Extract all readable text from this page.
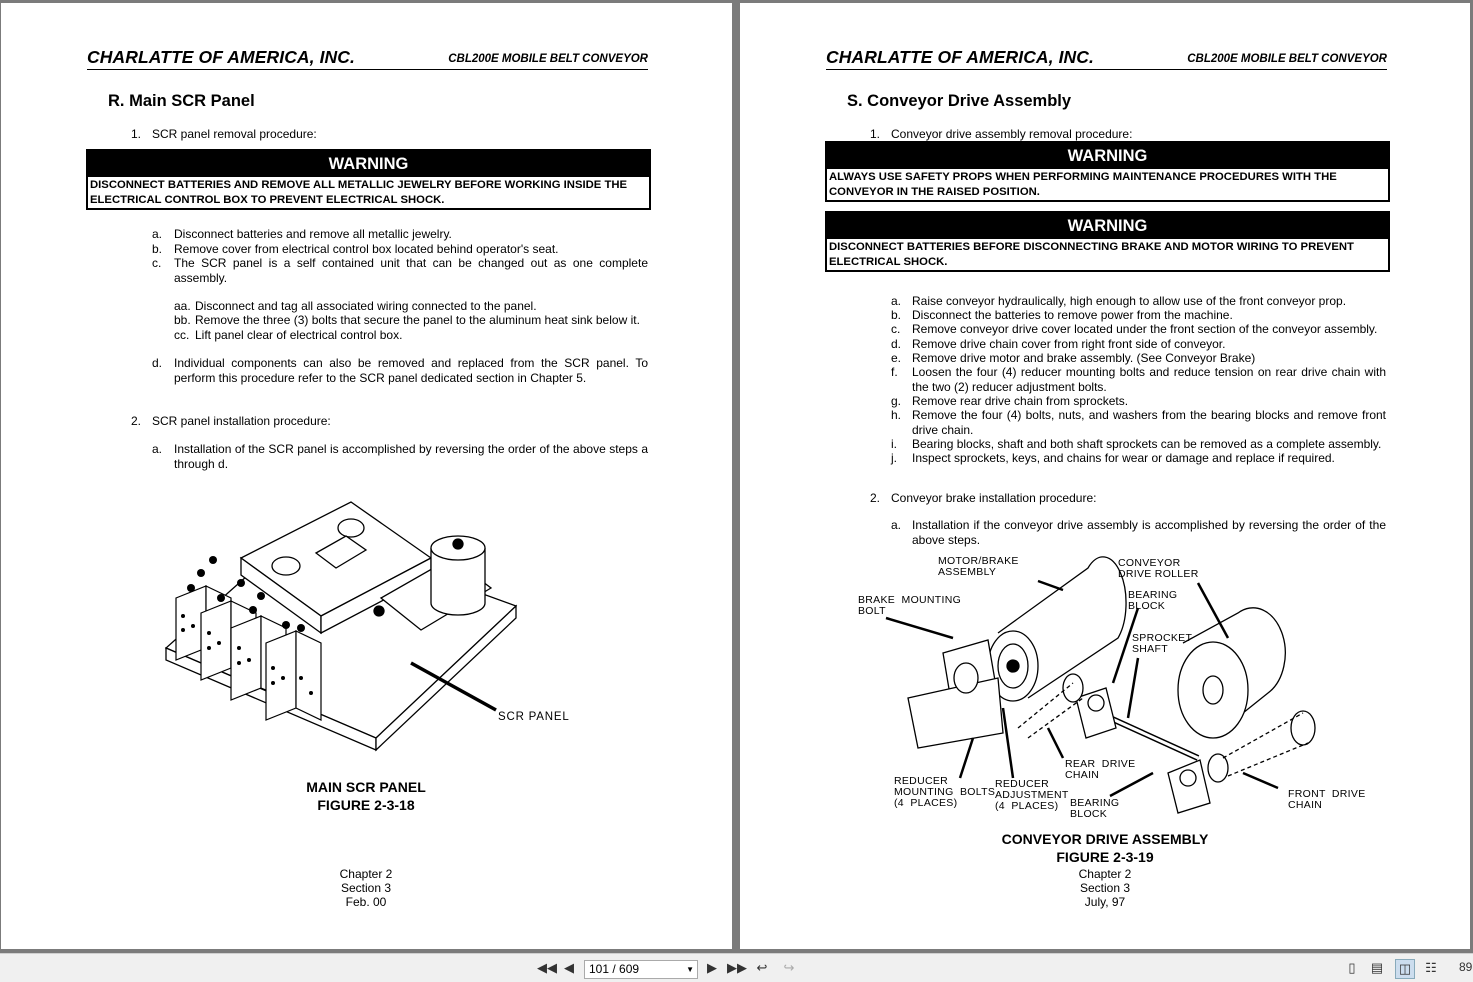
CHARLATTE OF AMERICA, INC.	CBL200E MOBILE BELT CONVEYOR
R. Main SCR Panel
1. SCR panel removal procedure:
WARNING
DISCONNECT BATTERIES AND REMOVE ALL METALLIC JEWELRY BEFORE WORKING INSIDE THE ELECTRICAL CONTROL BOX TO PREVENT ELECTRICAL SHOCK.
a. Disconnect batteries and remove all metallic jewelry.
b. Remove cover from electrical control box located behind operator's seat.
c. The SCR panel is a self contained unit that can be changed out as one complete assembly.
aa. Disconnect and tag all associated wiring connected to the panel.
bb. Remove the three (3) bolts that secure the panel to the aluminum heat sink below it.
cc. Lift panel clear of electrical control box.
d. Individual components can also be removed and replaced from the SCR panel. To perform this procedure refer to the SCR panel dedicated section in Chapter 5.
2. SCR panel installation procedure:
a. Installation of the SCR panel is accomplished by reversing the order of the above steps a through d.
SCR PANEL
MAIN SCR PANEL
FIGURE 2-3-18
Chapter 2
Section 3
Feb. 00
CHARLATTE OF AMERICA, INC.	CBL200E MOBILE BELT CONVEYOR
S. Conveyor Drive Assembly
1. Conveyor drive assembly removal procedure:
WARNING
ALWAYS USE SAFETY PROPS WHEN PERFORMING MAINTENANCE PROCEDURES WITH THE CONVEYOR IN THE RAISED POSITION.
WARNING
DISCONNECT BATTERIES BEFORE DISCONNECTING BRAKE AND MOTOR WIRING TO PREVENT ELECTRICAL SHOCK.
a. Raise conveyor hydraulically, high enough to allow use of the front conveyor prop.
b. Disconnect the batteries to remove power from the machine.
c. Remove conveyor drive cover located under the front section of the conveyor assembly.
d. Remove drive chain cover from right front side of conveyor.
e. Remove drive motor and brake assembly. (See Conveyor Brake)
f. Loosen the four (4) reducer mounting bolts and reduce tension on rear drive chain with the two (2) reducer adjustment bolts.
g. Remove rear drive chain from sprockets.
h. Remove the four (4) bolts, nuts, and washers from the bearing blocks and remove front drive chain.
i. Bearing blocks, shaft and both shaft sprockets can be removed as a complete assembly.
j. Inspect sprockets, keys, and chains for wear or damage and replace if required.
2. Conveyor brake installation procedure:
a. Installation if the conveyor drive assembly is accomplished by reversing the order of the above steps.
MOTOR/BRAKE
ASSEMBLY
CONVEYOR
DRIVE ROLLER
BRAKE  MOUNTING
BOLT
BEARING
BLOCK
SPROCKET
SHAFT
REAR  DRIVE
CHAIN
REDUCER
MOUNTING  BOLTS
(4  PLACES)
REDUCER
ADJUSTMENT
(4  PLACES)	BEARING
BLOCK
FRONT  DRIVE
CHAIN
CONVEYOR DRIVE ASSEMBLY
FIGURE 2-3-19
Chapter 2
Section 3
July, 97
◀◀ ◀	101 / 609	▼	▶ ▶▶ ↩ ↪	▯	▤ ◫ ☷ 89
